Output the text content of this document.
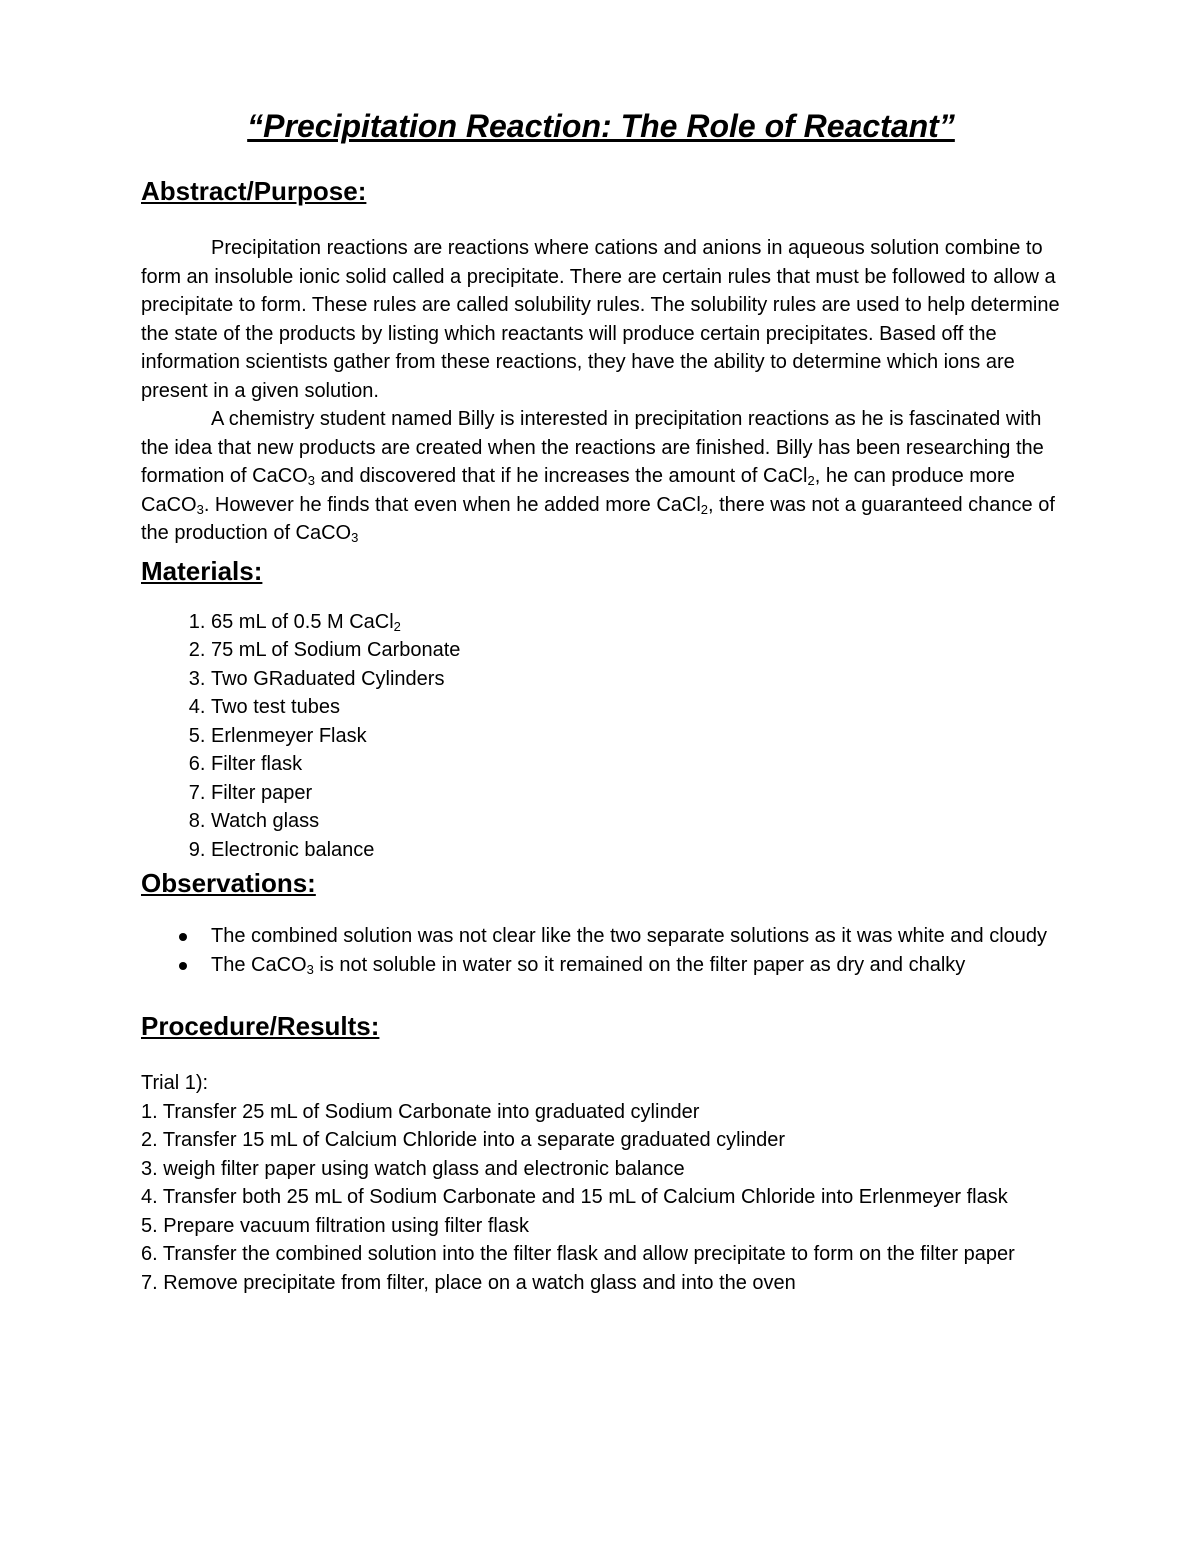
“Precipitation Reaction: The Role of Reactant”
Abstract/Purpose:

Precipitation reactions are reactions where cations and anions in aqueous solution combine to form an insoluble ionic solid called a precipitate. There are certain rules that must be followed to allow a precipitate to form. These rules are called solubility rules. The solubility rules are used to help determine the state of the products by listing which reactants will produce certain precipitates. Based off the information scientists gather from these reactions, they have the ability to determine which ions are present in a given solution.

A chemistry student named Billy is interested in precipitation reactions as he is fascinated with the idea that new products are created when the reactions are finished. Billy has been researching the formation of CaCO$_3$ and discovered that if he increases the amount of CaCl$_2$, he can produce more CaCO$_3$. However he finds that even when he added more CaCl$_2$, there was not a guaranteed chance of the production of CaCO$_3$

Materials:
1. 65 mL of 0.5 M CaCl$_2$
2. 75 mL of Sodium Carbonate
3. Two GRaduated Cylinders
4. Two test tubes
5. Erlenmeyer Flask
6. Filter flask
7. Filter paper
8. Watch glass
9. Electronic balance
Observations:
The combined solution was not clear like the two separate solutions as it was white and cloudy
The CaCO$_3$ is not soluble in water so it remained on the filter paper as dry and chalky
Procedure/Results:
Trial 1):
1. Transfer 25 mL of Sodium Carbonate into graduated cylinder
2. Transfer 15 mL of Calcium Chloride into a separate graduated cylinder
3. weigh filter paper using watch glass and electronic balance
4. Transfer both 25 mL of Sodium Carbonate and 15 mL of Calcium Chloride into Erlenmeyer flask
5. Prepare vacuum filtration using filter flask
6. Transfer the combined solution into the filter flask and allow precipitate to form on the filter paper
7. Remove precipitate from filter, place on a watch glass and into the oven
